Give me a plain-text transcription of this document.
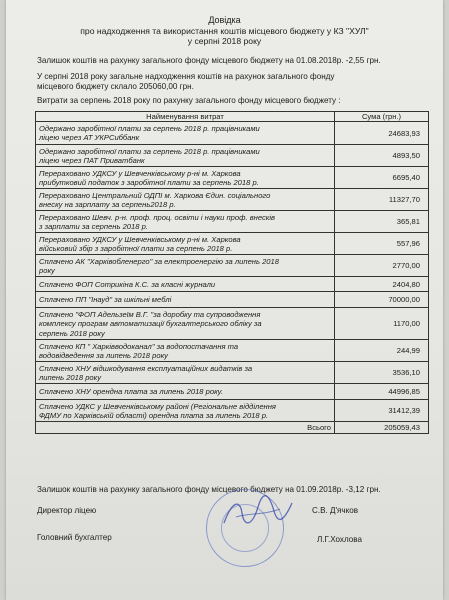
Довідка
про надходження та використання коштів місцевого бюджету у КЗ "ХУЛ"
у серпні 2018 року
Залишок коштів на рахунку загального фонду місцевого бюджету на 01.08.2018р. -2,55 грн.
У серпні 2018 року загальне надходження коштів на рахунок загального фонду
місцевого бюджету склало 205060,00 грн.
Витрати за серпень 2018 року по рахунку загального фонду місцевого бюджету :
Найменування витрат	Сума (грн.)
Одержано заробітної плати за серпень 2018 р. працівниками
ліцею через АТ УКРСиббанк	24683,93
Одержано заробітної плати за серпень 2018 р. працівниками
ліцею через ПАТ Приватбанк	4893,50
Перераховано УДКСУ у Шевченківському р-ні м. Харкова
прибутковий податок з заробітної плати за серпень 2018 р.	6695,40
Перераховано Центральний ОДПІ м. Харкова Єдин. соціального
внеску на зарплату за серпень2018 р.	11327,70
Перераховано Шевч. р-н. проф. проц. освіти і науки проф. внесків
з зарплати за серпень 2018 р.	365,81
Перераховано УДКСУ у Шевченківському р-ні м. Харкова
військовий збір з заробітної плати за серпень 2018 р.	557,96
Сплачено АК "Харківобленерго" за електроенергію за липень 2018
року	2770,00
Сплачено ФОП Сотрикіна К.С. за класні журнали	2404,80
Сплачено ПП "Інауд" за шкільні меблі	70000,00
Сплачено "ФОП Адельзеїм В.Г. "за доробку та супроводження
комплексу програм автоматизації бухгалтерського обліку за
серпень 2018 року	1170,00
Сплачено КП " Харківводоканал" за водопостачання та
водовідведення за липень 2018 року	244,99
Сплачено ХНУ відшкодування експлуатаційних видатків за
липень 2018 року	3536,10
Сплачено ХНУ орендна плата за липень 2018 року.	44996,85
Сплачено УДКС у Шевченківському районі (Регіональне відділення
ФДМУ по Харківській області) орендна плата за липень 2018 р.	31412,39
Всього	205059,43
Залишок коштів на рахунку загального фонду місцевого бюджету на 01.09.2018р. -3,12 грн.
Директор ліцею	С.В. Д'ячков
Головний бухгалтер	Л.Г.Хохлова
